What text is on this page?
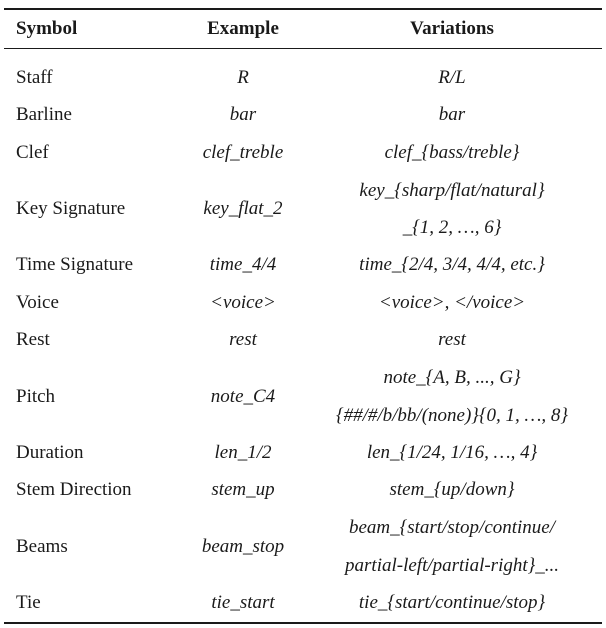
Symbol	Example	Variations
Staff	R	R/L
Barline	bar	bar
Clef	clef_treble	clef_{bass/treble}
Key Signature	key_flat_2	key_{sharp/flat/natural}
_{1, 2, …, 6}

Time Signature	time_4/4	time_{2/4, 3/4, 4/4, etc.}
Voice	<voice>	<voice>, </voice>
Rest	rest	rest
Pitch	note_C4	note_{A, B, ..., G}
{##/#/b/bb/(none)}{0, 1, …, 8}

Duration	len_1/2	len_{1/24, 1/16, …, 4}
Stem Direction	stem_up	stem_{up/down}
Beams	beam_stop	beam_{start/stop/continue/
partial-left/partial-right}_...

Tie	tie_start	tie_{start/continue/stop}
